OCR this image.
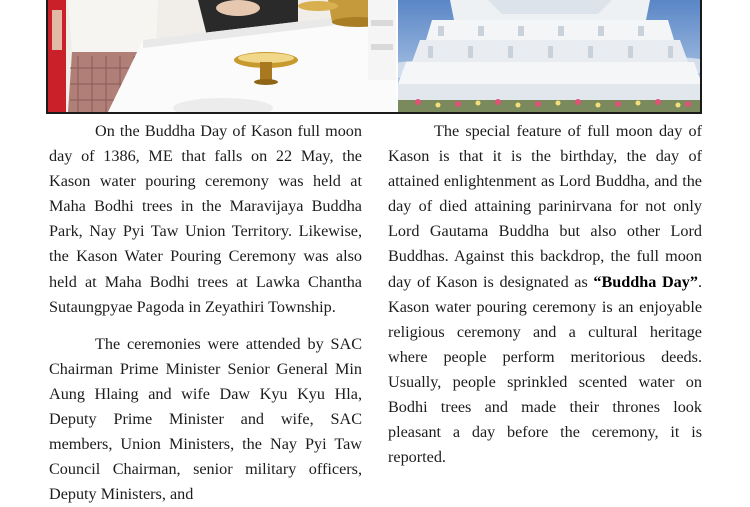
On the Buddha Day of Kason full moon day of 1386, ME that falls on 22 May, the Kason water pouring ceremony was held at Maha Bodhi trees in the Maravijaya Buddha Park, Nay Pyi Taw Union Territory. Likewise, the Kason Water Pouring Ceremony was also held at Maha Bodhi trees at Lawka Chantha Sutaungpyae Pagoda in Zeyathiri Township.

The ceremonies were attended by SAC Chairman Prime Minister Senior General Min Aung Hlaing and wife Daw Kyu Kyu Hla, Deputy Prime Minister and wife, SAC members, Union Ministers, the Nay Pyi Taw Council Chairman, senior military officers, Deputy Ministers, and

The special feature of full moon day of Kason is that it is the birthday, the day of attained enlightenment as Lord Buddha, and the day of died attaining parinirvana for not only Lord Gautama Buddha but also other Lord Buddhas. Against this backdrop, the full moon day of Kason is designated as “Buddha Day”. Kason water pouring ceremony is an enjoyable religious ceremony and a cultural heritage where people perform meritorious deeds. Usually, people sprinkled scented water on Bodhi trees and made their thrones look pleasant a day before the ceremony, it is reported.
